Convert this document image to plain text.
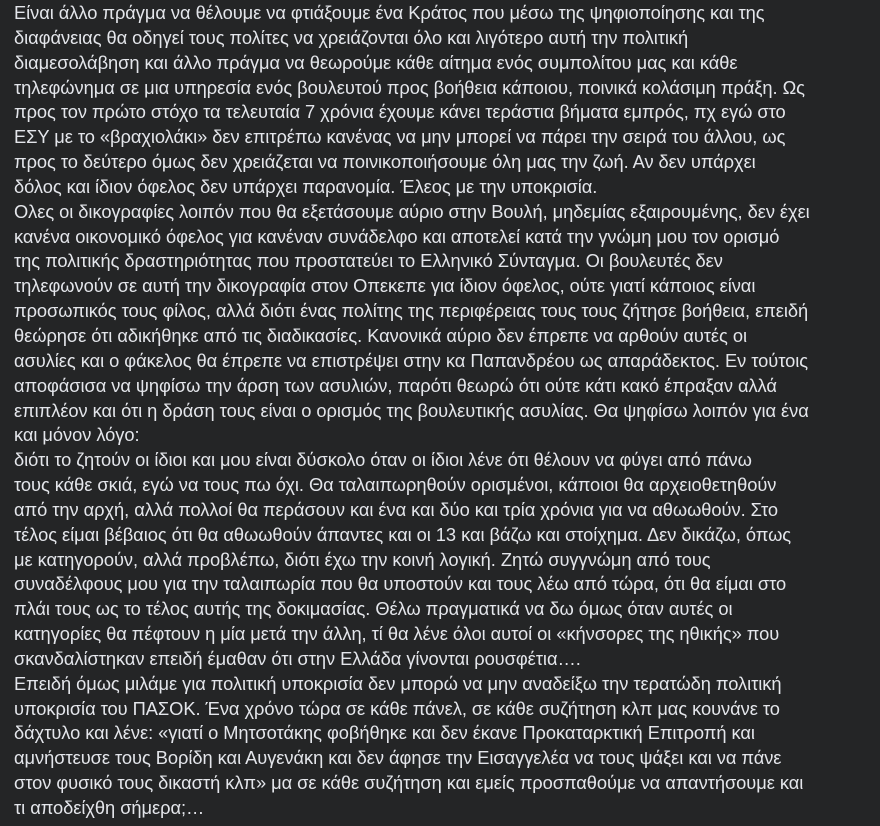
Είναι άλλο πράγμα να θέλουμε να φτιάξουμε ένα Κράτος που μέσω της ψηφιοποίησης και της
διαφάνειας θα οδηγεί τους πολίτες να χρειάζονται όλο και λιγότερο αυτή την πολιτική
διαμεσολάβηση και άλλο πράγμα να θεωρούμε κάθε αίτημα ενός συμπολίτου μας και κάθε
τηλεφώνημα σε μια υπηρεσία ενός βουλευτού προς βοήθεια κάποιου, ποινικά κολάσιμη πράξη. Ως
προς τον πρώτο στόχο τα τελευταία 7 χρόνια έχουμε κάνει τεράστια βήματα εμπρός, πχ εγώ στο
ΕΣΥ με το «βραχιολάκι» δεν επιτρέπω κανένας να μην μπορεί να πάρει την σειρά του άλλου, ως
προς το δεύτερο όμως δεν χρειάζεται να ποινικοποιήσουμε όλη μας την ζωή. Αν δεν υπάρχει
δόλος και ίδιον όφελος δεν υπάρχει παρανομία. Έλεος με την υποκρισία.
Ολες οι δικογραφίες λοιπόν που θα εξετάσουμε αύριο στην Βουλή, μηδεμίας εξαιρουμένης, δεν έχει
κανένα οικονομικό όφελος για κανέναν συνάδελφο και αποτελεί κατά την γνώμη μου τον ορισμό
της πολιτικής δραστηριότητας που προστατεύει το Ελληνικό Σύνταγμα. Οι βουλευτές δεν
τηλεφωνούν σε αυτή την δικογραφία στον Οπεκεπε για ίδιον όφελος, ούτε γιατί κάποιος είναι
προσωπικός τους φίλος, αλλά διότι ένας πολίτης της περιφέρειας τους τους ζήτησε βοήθεια, επειδή
θεώρησε ότι αδικήθηκε από τις διαδικασίες. Κανονικά αύριο δεν έπρεπε να αρθούν αυτές οι
ασυλίες και ο φάκελος θα έπρεπε να επιστρέψει στην κα Παπανδρέου ως απαράδεκτος. Εν τούτοις
αποφάσισα να ψηφίσω την άρση των ασυλιών, παρότι θεωρώ ότι ούτε κάτι κακό έπραξαν αλλά
επιπλέον και ότι η δράση τους είναι ο ορισμός της βουλευτικής ασυλίας. Θα ψηφίσω λοιπόν για ένα
και μόνον λόγο:
διότι το ζητούν οι ίδιοι και μου είναι δύσκολο όταν οι ίδιοι λένε ότι θέλουν να φύγει από πάνω
τους κάθε σκιά, εγώ να τους πω όχι. Θα ταλαιπωρηθούν ορισμένοι, κάποιοι θα αρχειοθετηθούν
από την αρχή, αλλά πολλοί θα περάσουν και ένα και δύο και τρία χρόνια για να αθωωθούν. Στο
τέλος είμαι βέβαιος ότι θα αθωωθούν άπαντες και οι 13 και βάζω και στοίχημα. Δεν δικάζω, όπως
με κατηγορούν, αλλά προβλέπω, διότι έχω την κοινή λογική. Ζητώ συγγνώμη από τους
συναδέλφους μου για την ταλαιπωρία που θα υποστούν και τους λέω από τώρα, ότι θα είμαι στο
πλάι τους ως το τέλος αυτής της δοκιμασίας. Θέλω πραγματικά να δω όμως όταν αυτές οι
κατηγορίες θα πέφτουν η μία μετά την άλλη, τί θα λένε όλοι αυτοί οι «κήνσορες της ηθικής» που
σκανδαλίστηκαν επειδή έμαθαν ότι στην Ελλάδα γίνονται ρουσφέτια….
Επειδή όμως μιλάμε για πολιτική υποκρισία δεν μπορώ να μην αναδείξω την τερατώδη πολιτική
υποκρισία του ΠΑΣΟΚ. Ένα χρόνο τώρα σε κάθε πάνελ, σε κάθε συζήτηση κλπ μας κουνάνε το
δάχτυλο και λένε: «γιατί ο Μητσοτάκης φοβήθηκε και δεν έκανε Προκαταρκτική Επιτροπή και
αμνήστευσε τους Βορίδη και Αυγενάκη και δεν άφησε την Εισαγγελέα να τους ψάξει και να πάνε
στον φυσικό τους δικαστή κλπ» μα σε κάθε συζήτηση και εμείς προσπαθούμε να απαντήσουμε και
τι αποδείχθη σήμερα;…
